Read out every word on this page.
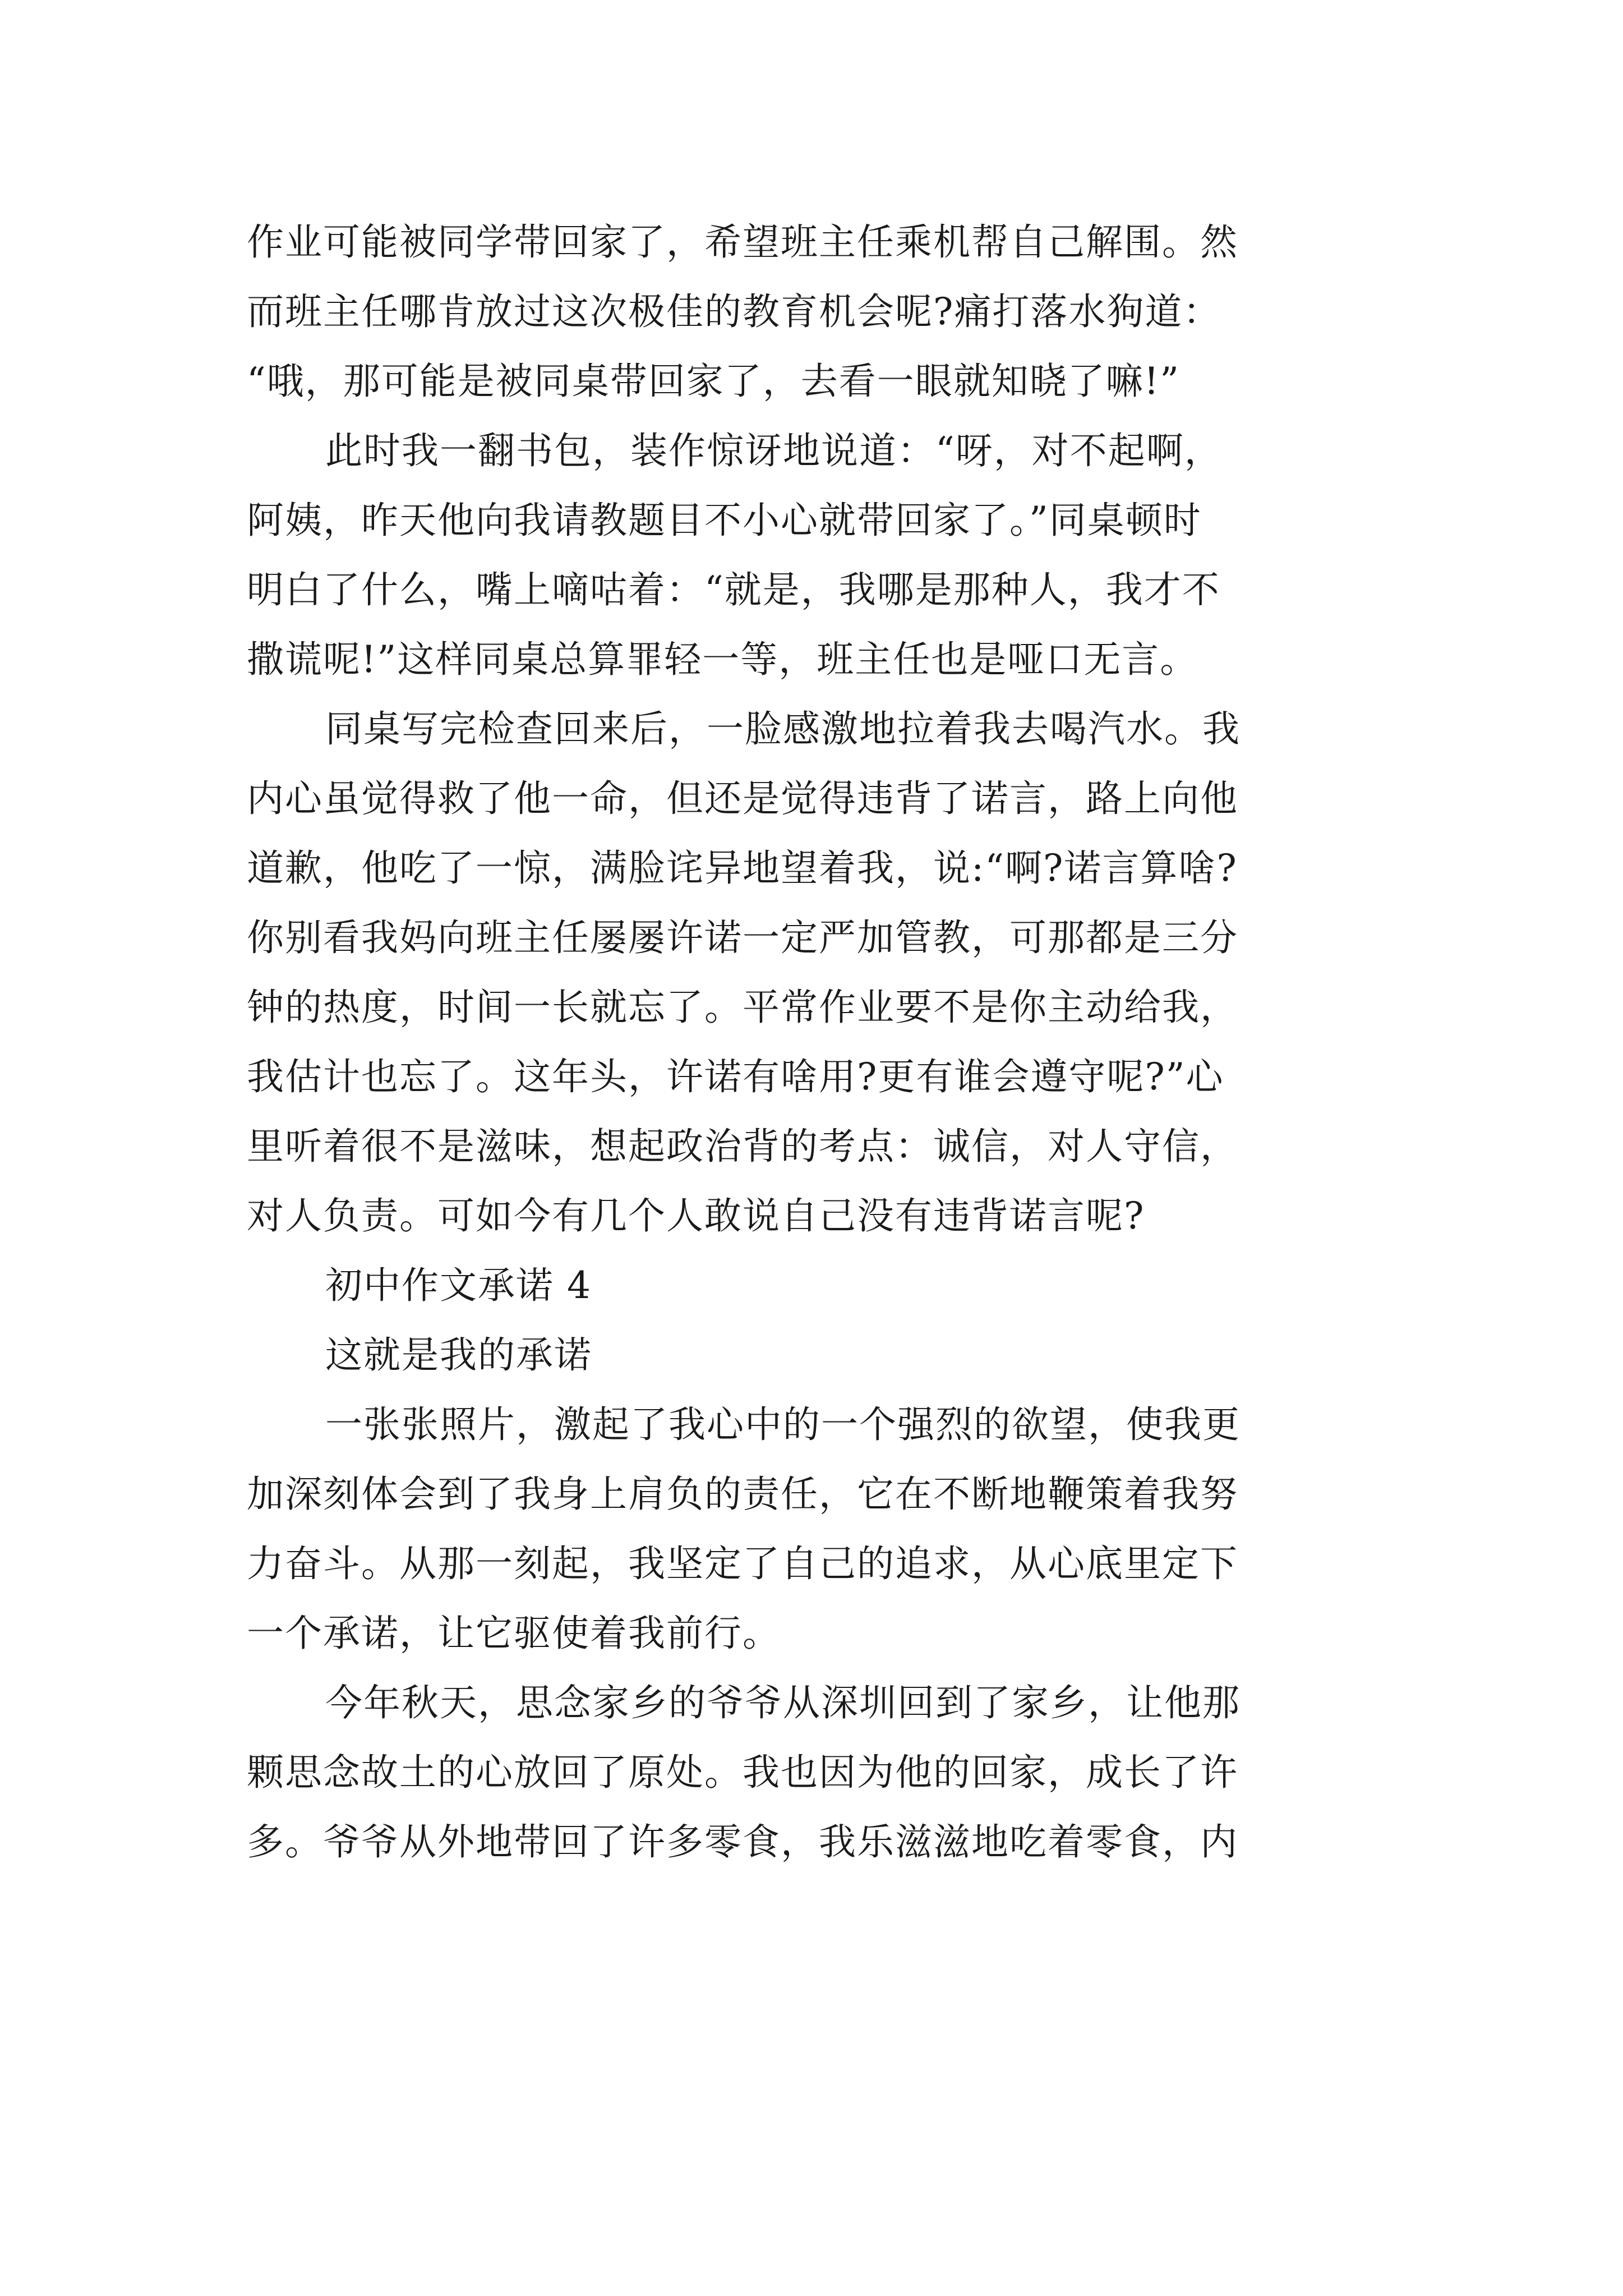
作业可能被同学带回家了，希望班主任乘机帮自己解围。然
而班主任哪肯放过这次极佳的教育机会呢?痛打落水狗道：
“哦，那可能是被同桌带回家了，去看一眼就知晓了嘛!”
此时我一翻书包，装作惊讶地说道：“呀，对不起啊，
阿姨，昨天他向我请教题目不小心就带回家了。”同桌顿时
明白了什么，嘴上嘀咕着：“就是，我哪是那种人，我才不
撒谎呢!”这样同桌总算罪轻一等，班主任也是哑口无言。
同桌写完检查回来后，一脸感激地拉着我去喝汽水。我
内心虽觉得救了他一命，但还是觉得违背了诺言，路上向他
道歉，他吃了一惊，满脸诧异地望着我，说:“啊?诺言算啥?
你别看我妈向班主任屡屡许诺一定严加管教，可那都是三分
钟的热度，时间一长就忘了。平常作业要不是你主动给我，
我估计也忘了。这年头，许诺有啥用?更有谁会遵守呢?”心
里听着很不是滋味，想起政治背的考点：诚信，对人守信，
对人负责。可如今有几个人敢说自己没有违背诺言呢?
初中作文承诺 4
这就是我的承诺
一张张照片，激起了我心中的一个强烈的欲望，使我更
加深刻体会到了我身上肩负的责任，它在不断地鞭策着我努
力奋斗。从那一刻起，我坚定了自己的追求，从心底里定下
一个承诺，让它驱使着我前行。
今年秋天，思念家乡的爷爷从深圳回到了家乡，让他那
颗思念故土的心放回了原处。我也因为他的回家，成长了许
多。爷爷从外地带回了许多零食，我乐滋滋地吃着零食，内
